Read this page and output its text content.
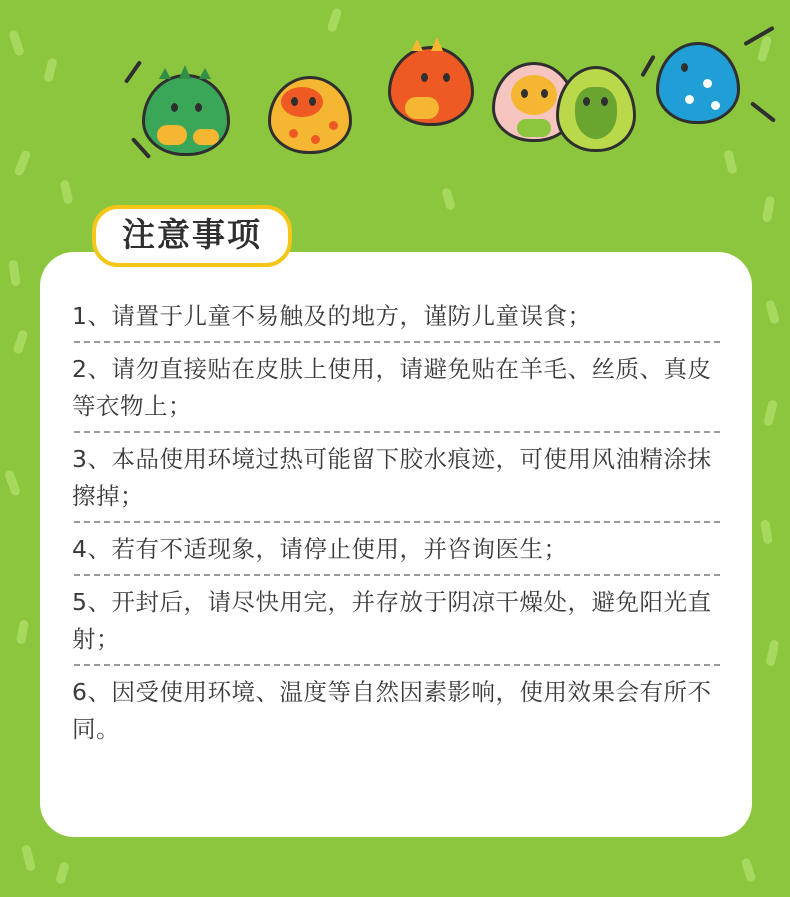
注意事项
1、请置于儿童不易触及的地方，谨防儿童误食；
2、请勿直接贴在皮肤上使用，请避免贴在羊毛、丝质、真皮等衣物上；
3、本品使用环境过热可能留下胶水痕迹，可使用风油精涂抹擦掉；
4、若有不适现象，请停止使用，并咨询医生；
5、开封后，请尽快用完，并存放于阴凉干燥处，避免阳光直射；
6、因受使用环境、温度等自然因素影响，使用效果会有所不同。
